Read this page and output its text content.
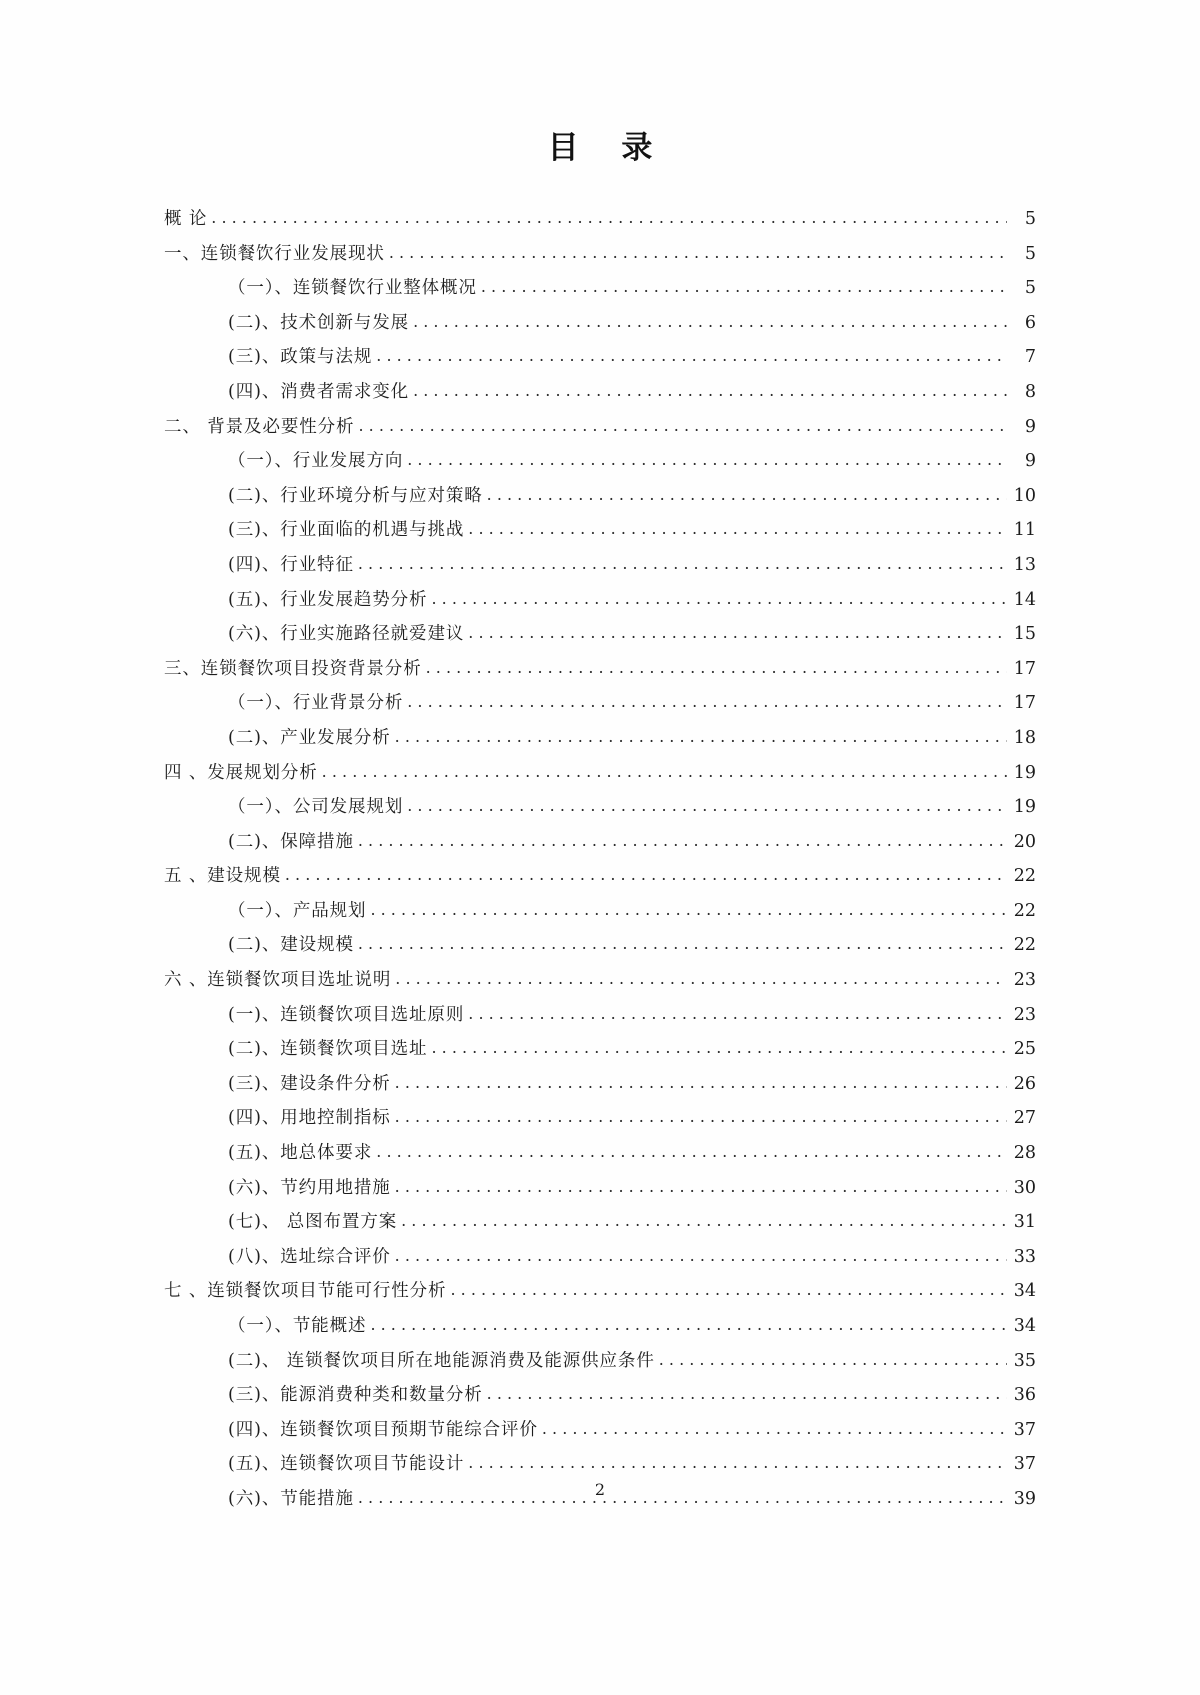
目 录
概 论 . . .	5
一、连锁餐饮行业发展现状 . . .	5
（一）、连锁餐饮行业整体概况 . . .	5
(二)、技术创新与发展 . . .	6
(三)、政策与法规 . . .	7
(四)、消费者需求变化 . . .	8
二、 背景及必要性分析 . . .	9
（一）、行业发展方向 . . .	9
(二)、行业环境分析与应对策略 . . .	10
(三)、行业面临的机遇与挑战 . . .	11
(四)、行业特征 . . .	13
(五)、行业发展趋势分析 . . .	14
(六)、行业实施路径就爱建议 . . .	15
三、连锁餐饮项目投资背景分析 . . .	17
（一）、行业背景分析 . . .	17
(二)、产业发展分析 . . .	18
四 、发展规划分析 . . .	19
（一）、公司发展规划 . . .	19
(二)、保障措施 . . .	20
五 、建设规模 . . .	22
（一）、产品规划 . . .	22
(二)、建设规模 . . .	22
六 、连锁餐饮项目选址说明 . . .	23
(一)、连锁餐饮项目选址原则 . . .	23
(二)、连锁餐饮项目选址 . . .	25
(三)、建设条件分析 . . .	26
(四)、用地控制指标 . . .	27
(五)、地总体要求 . . .	28
(六)、节约用地措施 . . .	30
(七)、 总图布置方案 . . .	31
(八)、选址综合评价 . . .	33
七 、连锁餐饮项目节能可行性分析 . . .	34
（一）、节能概述 . . .	34
(二)、 连锁餐饮项目所在地能源消费及能源供应条件 . . .	35
(三)、能源消费种类和数量分析 . . .	36
(四)、连锁餐饮项目预期节能综合评价 . . .	37
(五)、连锁餐饮项目节能设计 . . .	37
(六)、节能措施 . . .	39
2
